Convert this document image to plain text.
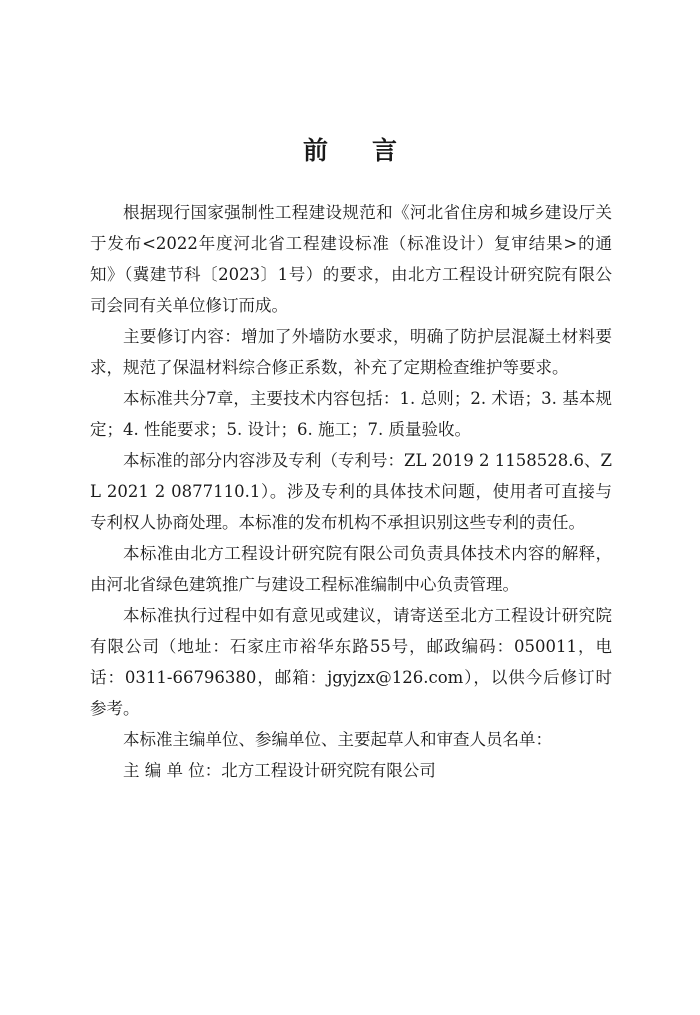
前言

根据现行国家强制性工程建设规范和《河北省住房和城乡建设厅关于发布<2022年度河北省工程建设标准（标准设计）复审结果>的通知》（冀建节科〔2023〕1号）的要求，由北方工程设计研究院有限公司会同有关单位修订而成。

主要修订内容：增加了外墙防水要求，明确了防护层混凝土材料要求，规范了保温材料综合修正系数，补充了定期检查维护等要求。

本标准共分7章，主要技术内容包括：1. 总则；2. 术语；3. 基本规定；4. 性能要求；5. 设计；6. 施工；7. 质量验收。

本标准的部分内容涉及专利（专利号：ZL 2019 2 1158528.6、ZL 2021 2 0877110.1）。涉及专利的具体技术问题，使用者可直接与专利权人协商处理。本标准的发布机构不承担识别这些专利的责任。

本标准由北方工程设计研究院有限公司负责具体技术内容的解释，由河北省绿色建筑推广与建设工程标准编制中心负责管理。

本标准执行过程中如有意见或建议，请寄送至北方工程设计研究院有限公司（地址：石家庄市裕华东路55号，邮政编码：050011，电话：0311-66796380，邮箱：jgyjzx@126.com），以供今后修订时参考。

本标准主编单位、参编单位、主要起草人和审查人员名单：

主 编 单 位：北方工程设计研究院有限公司
